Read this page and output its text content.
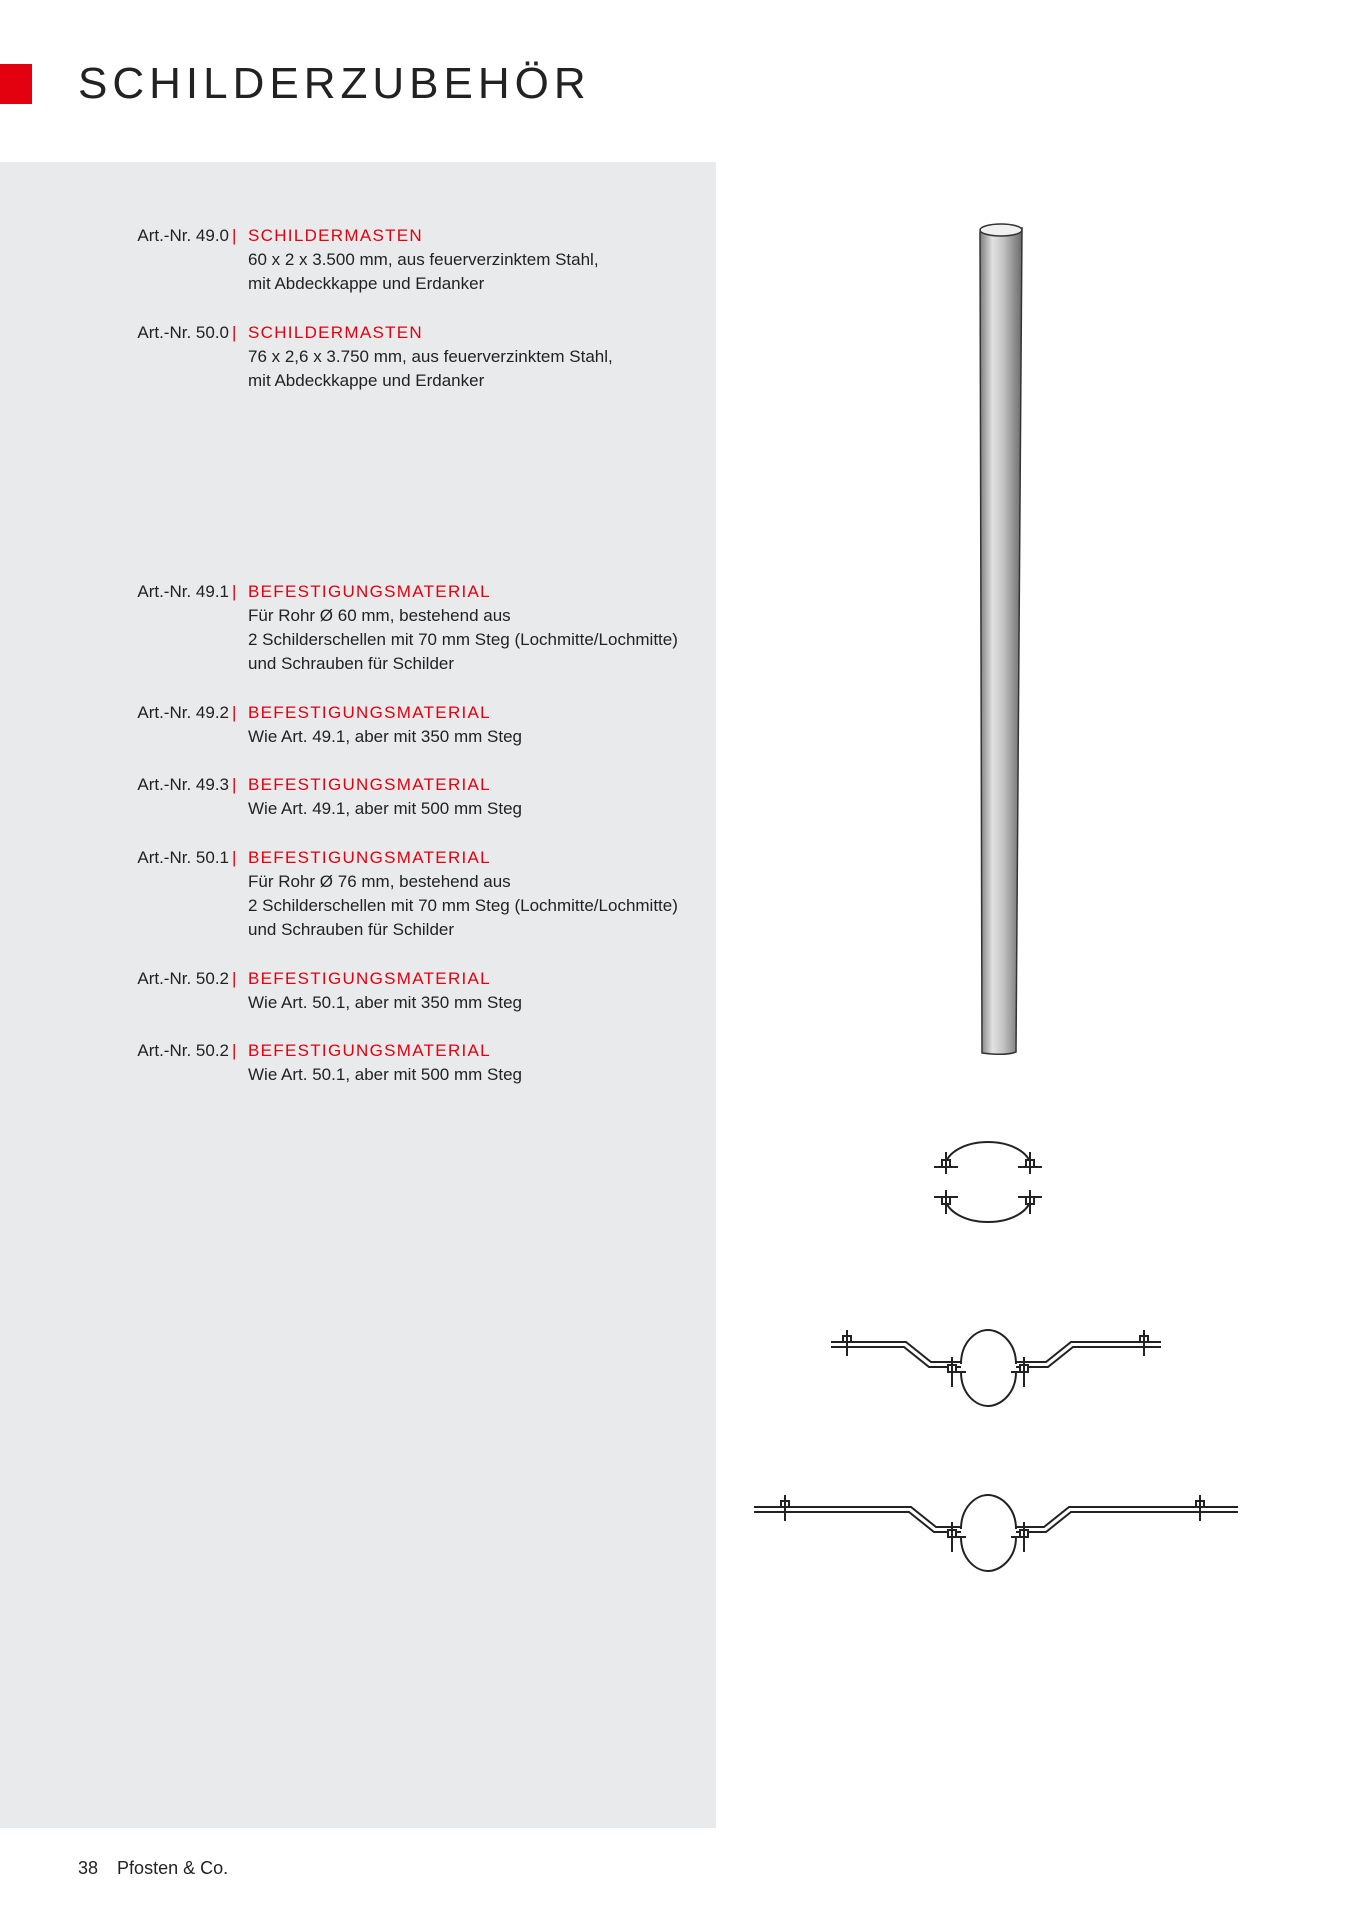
SCHILDERZUBEHÖR
Art.-Nr. 49.0 | SCHILDERMASTEN
60 x 2 x 3.500 mm, aus feuerverzinktem Stahl,
mit Abdeckkappe und Erdanker
Art.-Nr. 50.0 | SCHILDERMASTEN
76 x 2,6 x 3.750 mm, aus feuerverzinktem Stahl,
mit Abdeckkappe und Erdanker
Art.-Nr. 49.1 | BEFESTIGUNGSMATERIAL
Für Rohr Ø 60 mm, bestehend aus
2 Schilderschellen mit 70 mm Steg (Lochmitte/Lochmitte)
und Schrauben für Schilder
Art.-Nr. 49.2 | BEFESTIGUNGSMATERIAL
Wie Art. 49.1, aber mit 350 mm Steg
Art.-Nr. 49.3 | BEFESTIGUNGSMATERIAL
Wie Art. 49.1, aber mit 500 mm Steg
Art.-Nr. 50.1 | BEFESTIGUNGSMATERIAL
Für Rohr Ø 76 mm, bestehend aus
2 Schilderschellen mit 70 mm Steg (Lochmitte/Lochmitte)
und Schrauben für Schilder
Art.-Nr. 50.2 | BEFESTIGUNGSMATERIAL
Wie Art. 50.1, aber mit 350 mm Steg
Art.-Nr. 50.2 | BEFESTIGUNGSMATERIAL
Wie Art. 50.1, aber mit 500 mm Steg
38 Pfosten & Co.
